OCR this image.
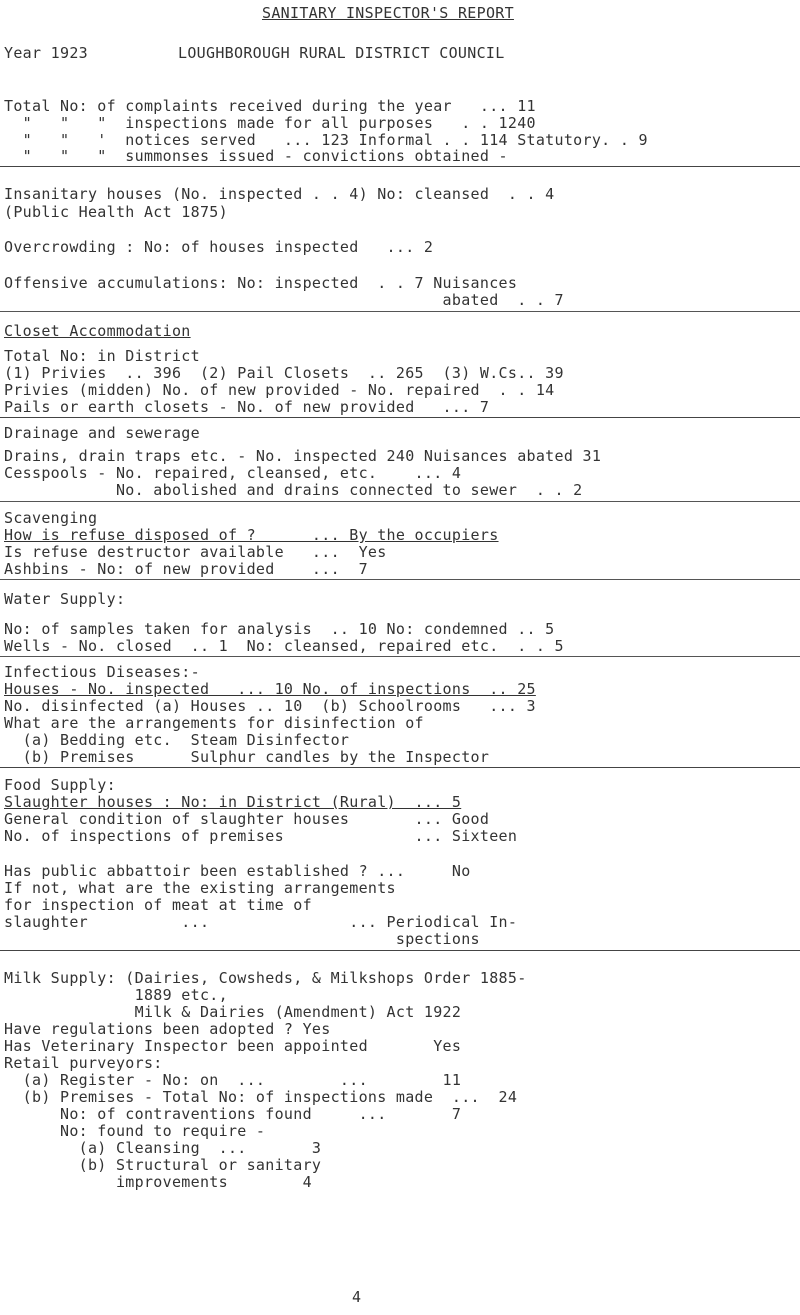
SANITARY INSPECTOR'S REPORT
Year 1923	LOUGHBOROUGH RURAL DISTRICT COUNCIL
Total No: of complaints received during the year   ... 11
"   "   "  inspections made for all purposes   . . 1240
"   "   '  notices served   ... 123 Informal . . 114 Statutory. . 9
"   "   "  summonses issued - convictions obtained -
Insanitary houses (No. inspected . . 4) No: cleansed  . . 4
(Public Health Act 1875)
Overcrowding : No: of houses inspected   ... 2
Offensive accumulations: No: inspected  . . 7 Nuisances
abated  . . 7
Closet Accommodation
Total No: in District
(1) Privies  .. 396  (2) Pail Closets  .. 265  (3) W.Cs.. 39
Privies (midden) No. of new provided - No. repaired  . . 14
Pails or earth closets - No. of new provided   ... 7
Drainage and sewerage
Drains, drain traps etc. - No. inspected 240 Nuisances abated 31
Cesspools - No. repaired, cleansed, etc.    ... 4
No. abolished and drains connected to sewer  . . 2
Scavenging
How is refuse disposed of ?      ... By the occupiers
Is refuse destructor available   ...  Yes
Ashbins - No: of new provided    ...  7
Water Supply:
No: of samples taken for analysis  .. 10 No: condemned .. 5
Wells - No. closed  .. 1  No: cleansed, repaired etc.  . . 5
Infectious Diseases:-
Houses - No. inspected   ... 10 No. of inspections  .. 25
No. disinfected (a) Houses .. 10  (b) Schoolrooms   ... 3
What are the arrangements for disinfection of
(a) Bedding etc.  Steam Disinfector
(b) Premises      Sulphur candles by the Inspector
Food Supply:
Slaughter houses : No: in District (Rural)  ... 5
General condition of slaughter houses       ... Good
No. of inspections of premises              ... Sixteen
Has public abbattoir been established ? ...     No
If not, what are the existing arrangements
for inspection of meat at time of
slaughter          ...               ... Periodical In-
spections
Milk Supply: (Dairies, Cowsheds, & Milkshops Order 1885-
1889 etc.,
Milk & Dairies (Amendment) Act 1922
Have regulations been adopted ? Yes
Has Veterinary Inspector been appointed       Yes
Retail purveyors:
(a) Register - No: on  ...        ...        11
(b) Premises - Total No: of inspections made  ...  24
No: of contraventions found     ...       7
No: found to require -
(a) Cleansing  ...       3
(b) Structural or sanitary
improvements        4
4
